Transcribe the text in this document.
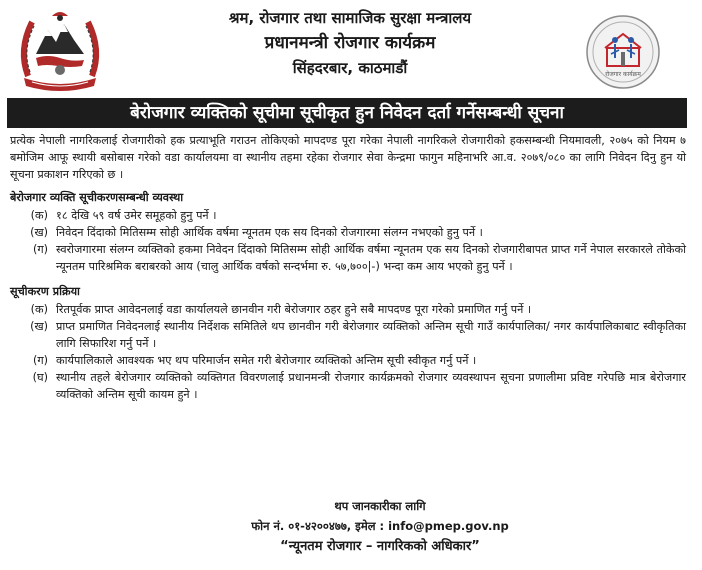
श्रम, रोजगार तथा सामाजिक सुरक्षा मन्त्रालय
प्रधानमन्त्री रोजगार कार्यक्रम
सिंहदरबार, काठमाडौं	रोजगार कार्यक्रम
बेरोजगार व्यक्तिको सूचीमा सूचीकृत हुन निवेदन दर्ता गर्नेसम्बन्धी सूचना

प्रत्येक नेपाली नागरिकलाई रोजगारीको हक प्रत्याभूति गराउन तोकिएको मापदण्ड पूरा गरेका नेपाली नागरिकले रोजगारीको हकसम्बन्धी नियमावली, २०७५ को नियम ७ बमोजिम आफू स्थायी बसोबास गरेको वडा कार्यालयमा वा स्थानीय तहमा रहेका रोजगार सेवा केन्द्रमा फागुन महिनाभरि आ.व. २०७९/०८० का लागि निवेदन दिनु हुन यो सूचना प्रकाशन गरिएको छ ।

बेरोजगार व्यक्ति सूचीकरणसम्बन्धी व्यवस्था
(क) १८ देखि ५९ वर्ष उमेर समूहको हुनु पर्ने ।
(ख) निवेदन दिंदाको मितिसम्म सोही आर्थिक वर्षमा न्यूनतम एक सय दिनको रोजगारमा संलग्न नभएको हुनु पर्ने ।
(ग) स्वरोजगारमा संलग्न व्यक्तिको हकमा निवेदन दिंदाको मितिसम्म सोही आर्थिक वर्षमा न्यूनतम एक सय दिनको रोजगारीबापत प्राप्त गर्ने नेपाल सरकारले तोकेको न्यूनतम पारिश्रमिक बराबरको आय (चालु आर्थिक वर्षको सन्दर्भमा रु. ५७,७००|-) भन्दा कम आय भएको हुनु पर्ने ।
सूचीकरण प्रक्रिया
(क) रितपूर्वक प्राप्त आवेदनलाई वडा कार्यालयले छानवीन गरी बेरोजगार ठहर हुने सबै मापदण्ड पूरा गरेको प्रमाणित गर्नु पर्ने ।
(ख) प्राप्त प्रमाणित निवेदनलाई स्थानीय निर्देशक समितिले थप छानवीन गरी बेरोजगार व्यक्तिको अन्तिम सूची गाउँ कार्यपालिका/ नगर कार्यपालिकाबाट स्वीकृतिका लागि सिफारिश गर्नु पर्ने ।
(ग) कार्यपालिकाले आवश्यक भए थप परिमार्जन समेत गरी बेरोजगार व्यक्तिको अन्तिम सूची स्वीकृत गर्नु पर्ने ।
(घ) स्थानीय तहले बेरोजगार व्यक्तिको व्यक्तिगत विवरणलाई प्रधानमन्त्री रोजगार कार्यक्रमको रोजगार व्यवस्थापन सूचना प्रणालीमा प्रविष्ट गरेपछि मात्र बेरोजगार व्यक्तिको अन्तिम सूची कायम हुने ।
थप जानकारीका लागि
फोन नं. ०१-४२००४७७, इमेल : info@pmep.gov.np
“न्यूनतम रोजगार – नागरिकको अधिकार”
